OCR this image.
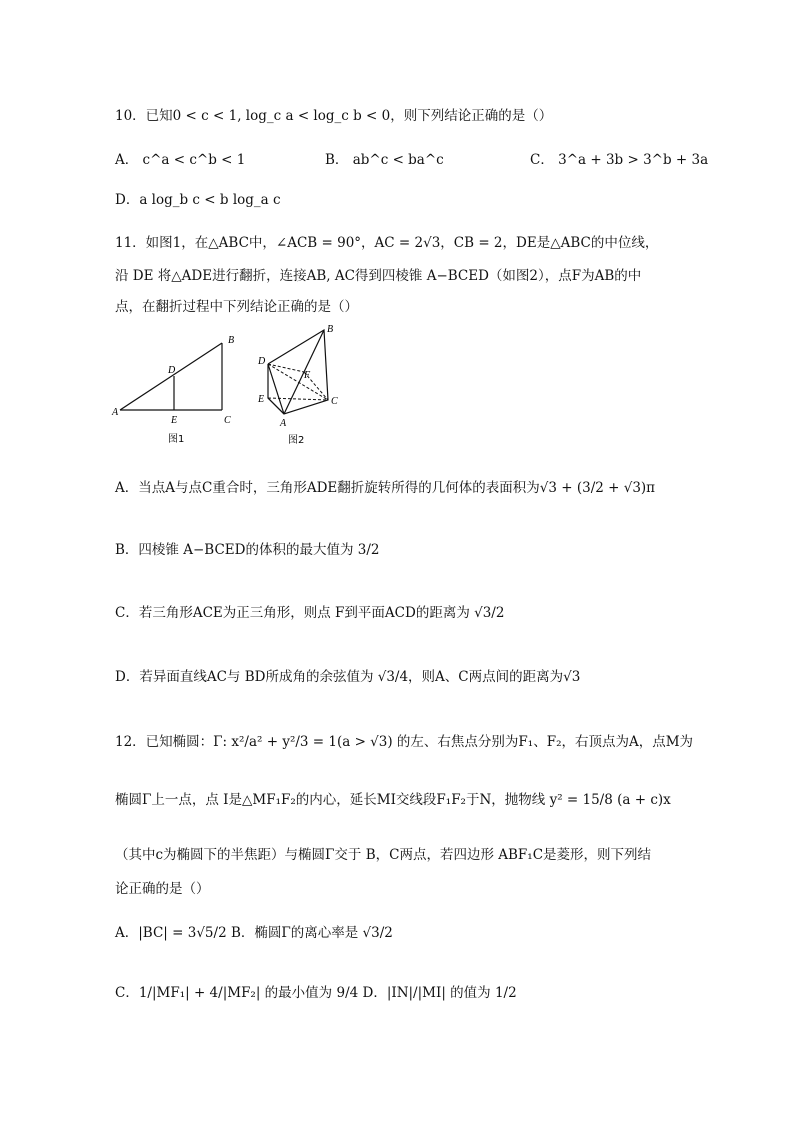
10．已知0 < c < 1, log_c a < log_c b < 0，则下列结论正确的是（）
A． c^a < c^b < 1	B． ab^c < ba^c	C． 3^a + 3b > 3^b + 3a
D．a log_b c < b log_a c
11．如图1，在△ABC中，∠ACB = 90°，AC = 2√3，CB = 2，DE是△ABC的中位线，
沿 DE 将△ADE进行翻折，连接AB, AC得到四棱锥 A−BCED（如图2），点F为AB的中
点，在翻折过程中下列结论正确的是（）
A
B
C
D
E
图1
A
B
C
D
E
F
图2
A．当点A与点C重合时，三角形ADE翻折旋转所得的几何体的表面积为√3 + (3/2 + √3)π
B．四棱锥 A−BCED的体积的最大值为 3/2
C．若三角形ACE为正三角形，则点 F到平面ACD的距离为 √3/2
D．若异面直线AC与 BD所成角的余弦值为 √3/4，则A、C两点间的距离为√3
12．已知椭圆：Γ: x²/a² + y²/3 = 1(a > √3) 的左、右焦点分别为F₁、F₂，右顶点为A，点M为
椭圆Γ上一点，点 I是△MF₁F₂的内心，延长MI交线段F₁F₂于N，抛物线 y² = 15/8 (a + c)x
（其中c为椭圆下的半焦距）与椭圆Γ交于 B，C两点，若四边形 ABF₁C是菱形，则下列结
论正确的是（）
A．|BC| = 3√5/2 B．椭圆Γ的离心率是 √3/2
C．1/|MF₁| + 4/|MF₂| 的最小值为 9/4 D．|IN|/|MI| 的值为 1/2
